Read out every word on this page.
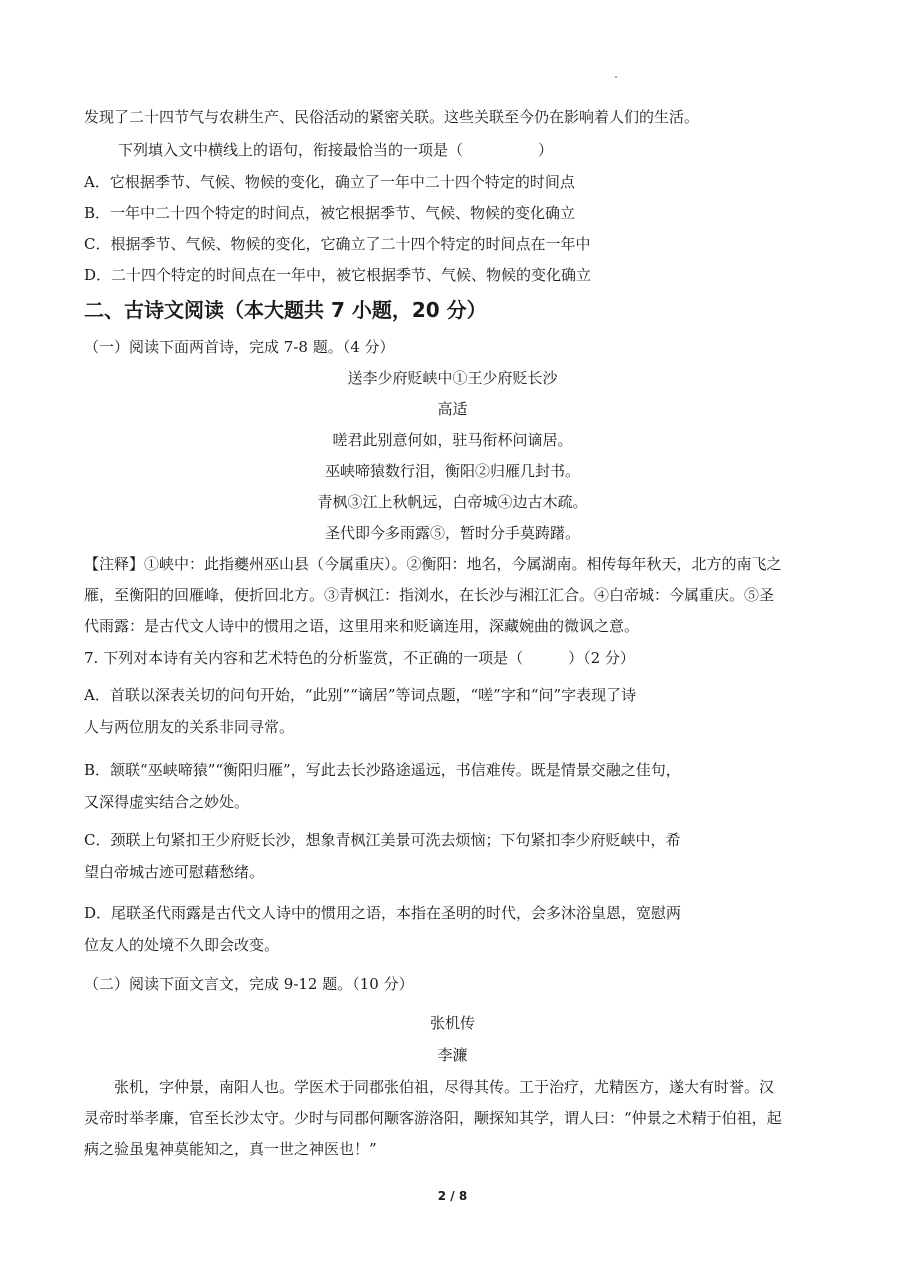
发现了二十四节气与农耕生产、民俗活动的紧密关联。这些关联至今仍在影响着人们的生活。
下列填入文中横线上的语句，衔接最恰当的一项是（　　　　　）
A．它根据季节、气候、物候的变化，确立了一年中二十四个特定的时间点
B．一年中二十四个特定的时间点，被它根据季节、气候、物候的变化确立
C．根据季节、气候、物候的变化，它确立了二十四个特定的时间点在一年中
D．二十四个特定的时间点在一年中，被它根据季节、气候、物候的变化确立
二、古诗文阅读（本大题共 7 小题，20 分）
（一）阅读下面两首诗，完成 7-8 题。（4 分）
送李少府贬峡中①王少府贬长沙
高适
嗟君此别意何如，驻马衔杯问谪居。
巫峡啼猿数行泪，衡阳②归雁几封书。
青枫③江上秋帆远，白帝城④边古木疏。
圣代即今多雨露⑤，暂时分手莫踌躇。
【注释】①峡中：此指夔州巫山县（今属重庆）。②衡阳：地名，今属湖南。相传每年秋天，北方的南飞之
雁，至衡阳的回雁峰，便折回北方。③青枫江：指浏水，在长沙与湘江汇合。④白帝城：今属重庆。⑤圣
代雨露：是古代文人诗中的惯用之语，这里用来和贬谪连用，深藏婉曲的微讽之意。
7. 下列对本诗有关内容和艺术特色的分析鉴赏，不正确的一项是（　　　）（2 分）
A．首联以深表关切的问句开始，“此别”“谪居”等词点题，“嗟”字和“问”字表现了诗
人与两位朋友的关系非同寻常。
B．颔联“巫峡啼猿”“衡阳归雁”，写此去长沙路途遥远，书信难传。既是情景交融之佳句，
又深得虚实结合之妙处。
C．颈联上句紧扣王少府贬长沙，想象青枫江美景可洗去烦恼；下句紧扣李少府贬峡中，希
望白帝城古迹可慰藉愁绪。
D．尾联圣代雨露是古代文人诗中的惯用之语，本指在圣明的时代，会多沐浴皇恩，宽慰两
位友人的处境不久即会改变。
（二）阅读下面文言文，完成 9-12 题。（10 分）
张机传
李濂
张机，字仲景，南阳人也。学医术于同郡张伯祖，尽得其传。工于治疗，尤精医方，遂大有时誉。汉
灵帝时举孝廉，官至长沙太守。少时与同郡何颙客游洛阳，颙探知其学，谓人曰：“仲景之术精于伯祖，起
病之验虽鬼神莫能知之，真一世之神医也！”
2 / 8
